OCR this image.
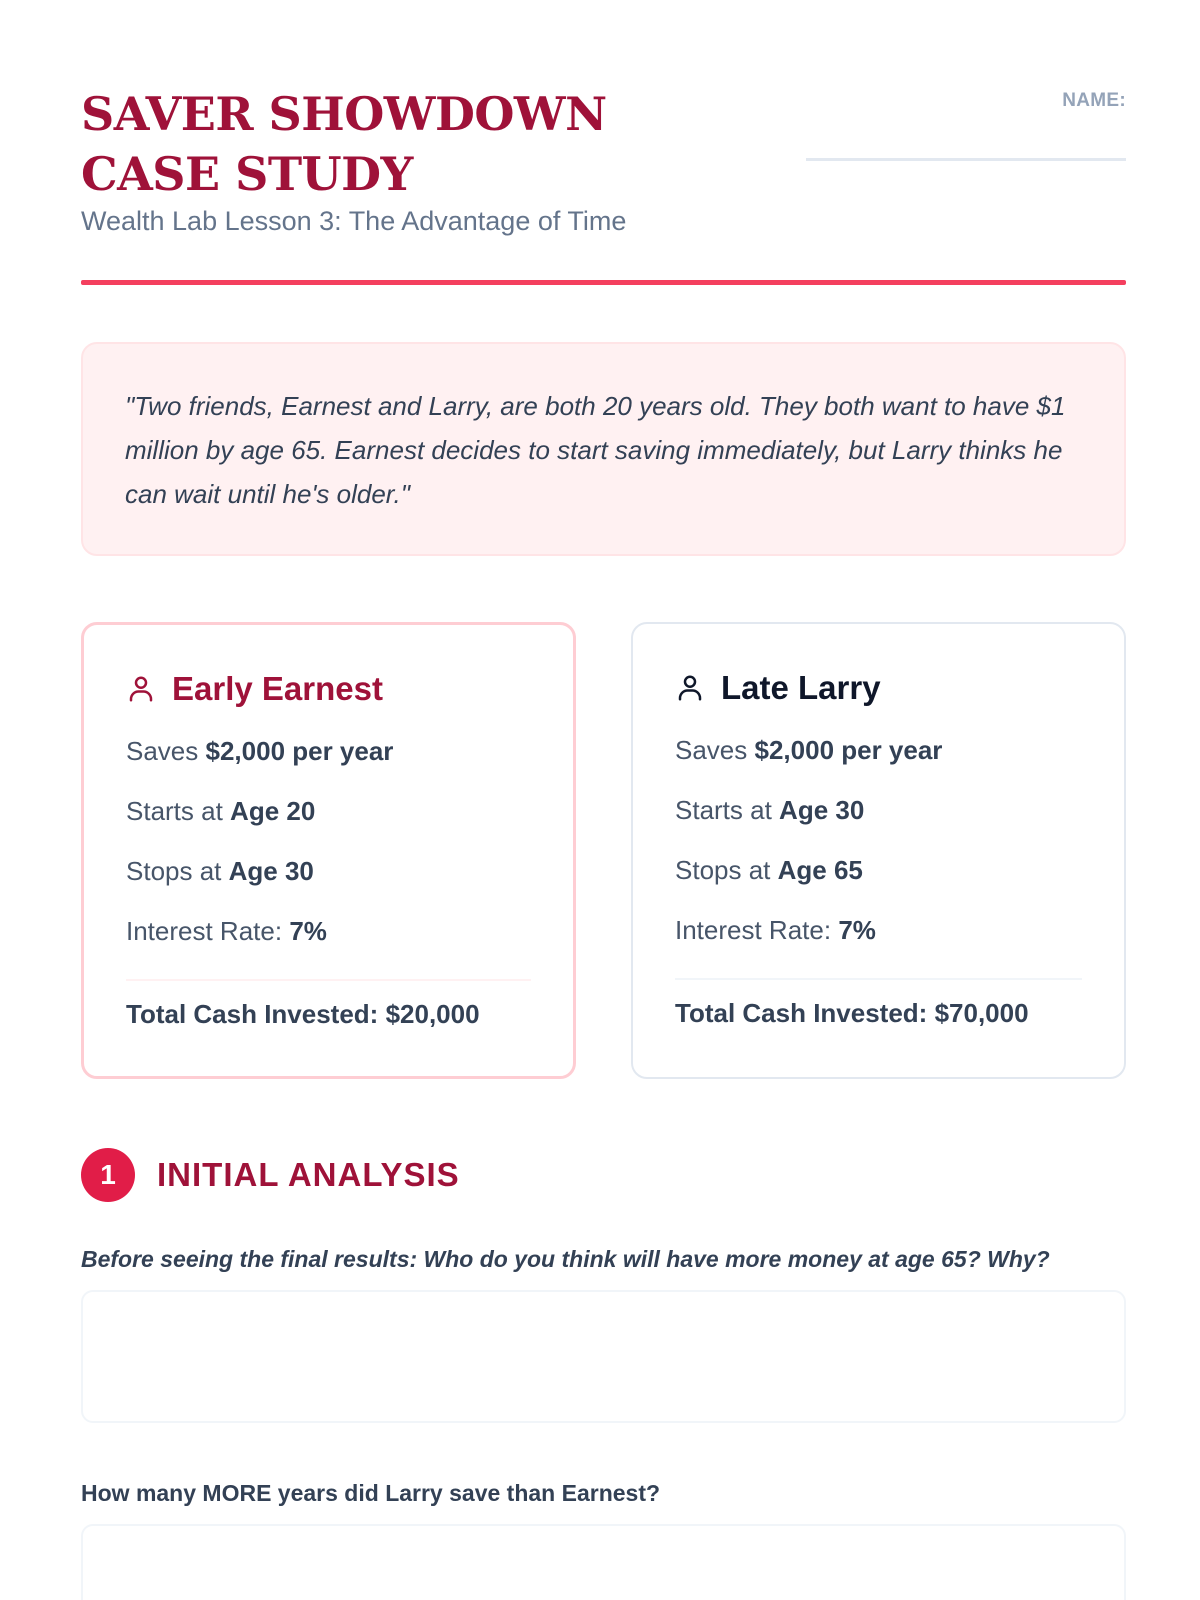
SAVER SHOWDOWN CASE STUDY
Wealth Lab Lesson 3: The Advantage of Time
NAME:

"Two friends, Earnest and Larry, are both 20 years old. They both want to have $1 million by age 65. Earnest decides to start saving immediately, but Larry thinks he can wait until he's older."

Early Earnest
Saves $2,000 per year
Starts at Age 20
Stops at Age 30
Interest Rate: 7%
Total Cash Invested: $20,000
Late Larry
Saves $2,000 per year
Starts at Age 30
Stops at Age 65
Interest Rate: 7%
Total Cash Invested: $70,000
1	INITIAL ANALYSIS
Before seeing the final results: Who do you think will have more money at age 65? Why?
How many MORE years did Larry save than Earnest?
